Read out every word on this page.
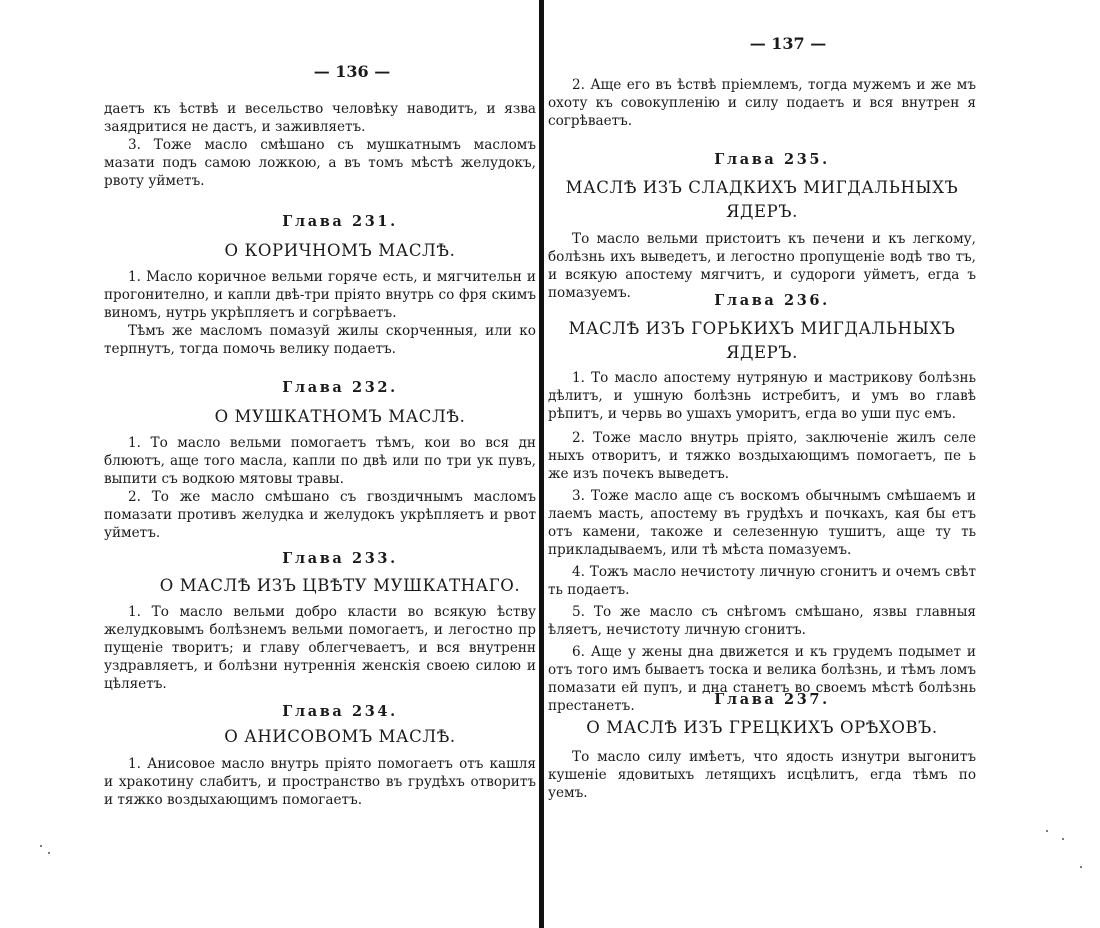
— 136 —

даетъ къ ѣствѣ и весельство человѣку наводитъ, и язва

заядритися не дастъ, и заживляетъ.

3. Тоже масло смѣшано съ мушкатнымъ масломъ мазати подъ самою ложкою, а въ томъ мѣстѣ желудокъ, рвоту уйметъ.

Глава 231.

О КОРИЧНОМЪ МАСЛѢ.

1. Масло коричное вельми горяче есть, и мягчительн и прогонително, и капли двѣ-три прiято внутрь со фря скимъ виномъ, нутрь укрѣпляетъ и согрѣваетъ.

Тѣмъ же масломъ помазуй жилы скорченныя, или ко терпнутъ, тогда помочь велику подаетъ.

Глава 232.

О МУШКАТНОМЪ МАСЛѢ.

1. То масло вельми помогаетъ тѣмъ, кои во вся дн блюютъ, аще того масла, капли по двѣ или по три ук пувъ, выпити съ водкою мятовы травы.

2. То же масло смѣшано съ гвоздичнымъ масломъ помазати противъ желудка и желудокъ укрѣпляетъ и рвот уйметъ.

Глава 233.

О МАСЛѢ ИЗЪ ЦВѢТУ МУШКАТНАГО.

1. То масло вельми добро класти во всякую ѣству желудковымъ болѣзнемъ вельми помогаетъ, и легостно пр пущенiе творитъ; и главу облегчеваетъ, и вся внутренн уздравляетъ, и болѣзни нутреннiя женскiя своею силою и цѣляетъ.

Глава 234.

О АНИСОВОМЪ МАСЛѢ.

1. Анисовое масло внутрь прiято помогаетъ отъ кашля и хракотину слабитъ, и пространство въ грудѣхъ отворитъ и тяжко воздыхающимъ помогаетъ.

— 137 —

2. Аще его въ ѣствѣ прiемлемъ, тогда мужемъ и же мъ охоту къ совокупленiю и силу подаетъ и вся внутрен я согрѣваетъ.

Глава 235.

МАСЛѢ ИЗЪ СЛАДКИХЪ МИГДАЛЬНЫХЪ ЯДЕРЪ.

То масло вельми пристоитъ къ печени и къ легкому, болѣзнь ихъ выведетъ, и легостно пропущенiе водѣ тво тъ, и всякую апостему мягчитъ, и судороги уйметъ, егда ъ помазуемъ.	Глава 236.

МАСЛѢ ИЗЪ ГОРЬКИХЪ МИГДАЛЬНЫХЪ ЯДЕРЪ.

1. То масло апостему нутряную и мастрикову болѣзнь дѣлитъ, и ушную болѣзнь истребитъ, и умъ во главѣ рѣпитъ, и червь во ушахъ уморитъ, егда во уши пус емъ.

2. Тоже масло внутрь прiято, заключенiе жилъ селе ныхъ отворитъ, и тяжко воздыхающимъ помогаетъ, пе ь же изъ почекъ выведетъ.

3. Тоже масло аще съ воскомъ обычнымъ смѣшаемъ и лаемъ масть, апостему въ грудѣхъ и почкахъ, кая бы етъ отъ камени, такоже и селезенную тушитъ, аще ту ть прикладываемъ, или тѣ мѣста помазуемъ.

4. Тожъ масло нечистоту личную сгонитъ и очемъ свѣт ть подаетъ.

5. То же масло съ снѣгомъ смѣшано, язвы главныя ѣляетъ, нечистоту личную сгонитъ.

6. Аще у жены дна движется и къ грудемъ подымет и отъ того имъ бываетъ тоска и велика болѣзнь, и тѣмъ ломъ помазати ей пупъ, и дна станетъ во своемъ мѣстѣ болѣзнь престанетъ.	Глава 237.

О МАСЛѢ ИЗЪ ГРЕЦКИХЪ ОРѢХОВЪ.

То масло силу имѣетъ, что ядость изнутри выгонитъ кушенiе ядовитыхъ летящихъ исцѣлитъ, егда тѣмъ по уемъ.
